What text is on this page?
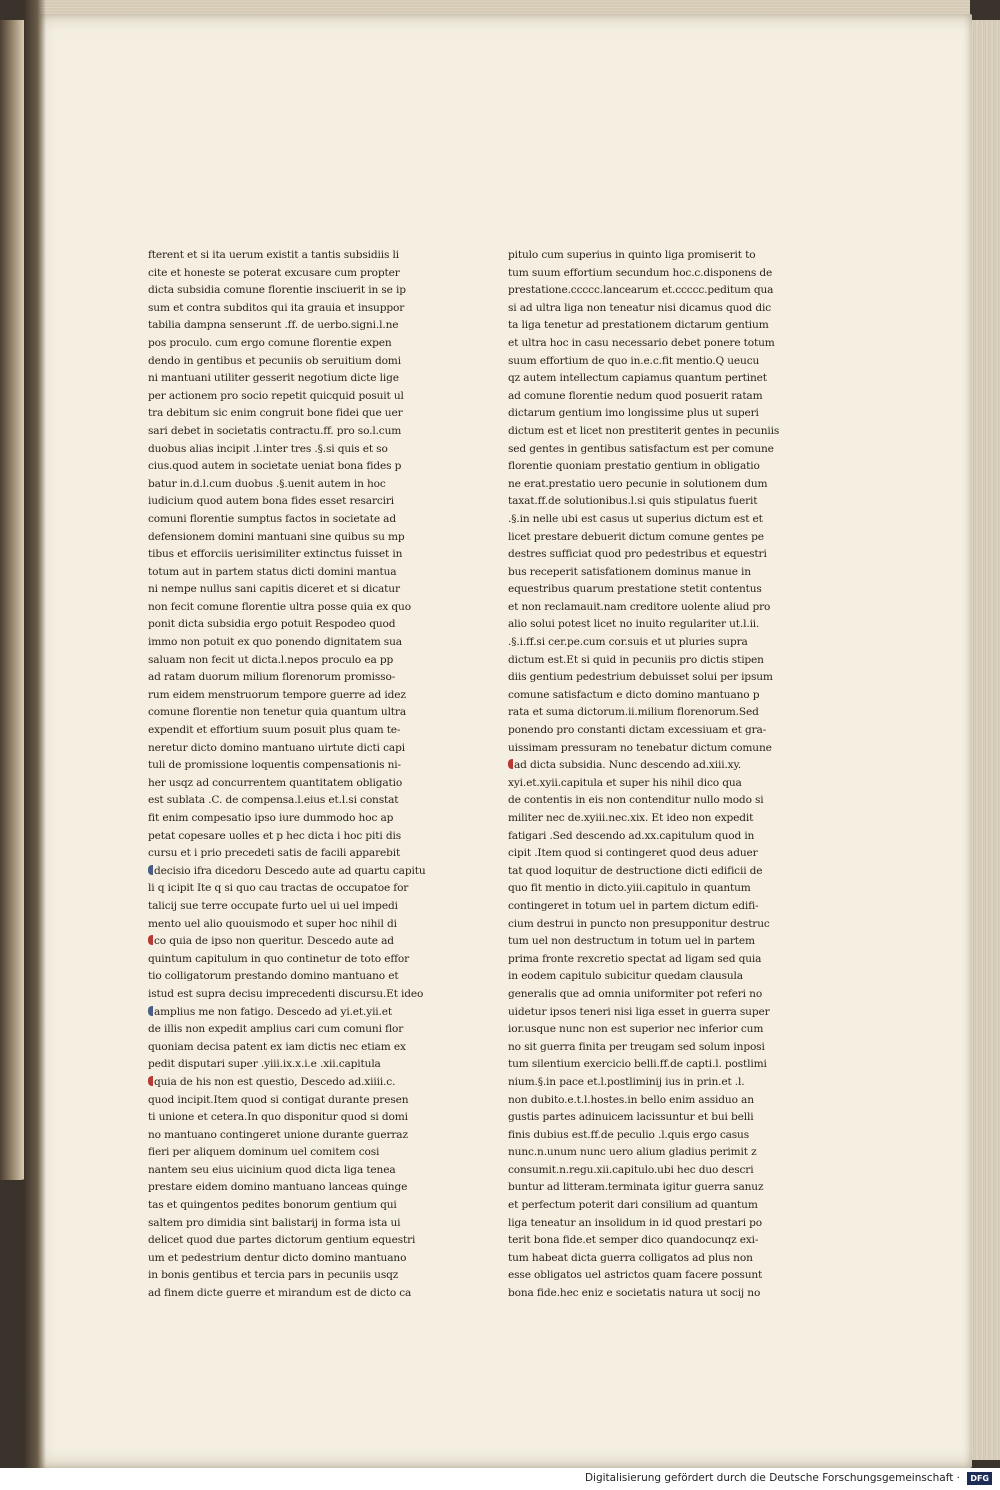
fterent et si ita uerum existit a tantis subsidiis li
cite et honeste se poterat excusare cum propter
dicta subsidia comune florentie insciuerit in se ip
sum et contra subditos qui ita grauia et insuppor
tabilia dampna senserunt .ff. de uerbo.signi.l.ne
pos proculo. cum ergo comune florentie expen
dendo in gentibus et pecuniis ob seruitium domi
ni mantuani utiliter gesserit negotium dicte lige
per actionem pro socio repetit quicquid posuit ul
tra debitum sic enim congruit bone fidei que uer
sari debet in societatis contractu.ff. pro so.l.cum
duobus alias incipit .l.inter tres .§.si quis et so
cius.quod autem in societate ueniat bona fides p
batur in.d.l.cum duobus .§.uenit autem in hoc
iudicium quod autem bona fides esset resarciri
comuni florentie sumptus factos in societate ad
defensionem domini mantuani sine quibus su mp
tibus et efforciis uerisimiliter extinctus fuisset in
totum aut in partem status dicti domini mantua
ni nempe nullus sani capitis diceret et si dicatur
non fecit comune florentie ultra posse quia ex quo
ponit dicta subsidia ergo potuit Respodeo quod
immo non potuit ex quo ponendo dignitatem sua
saluam non fecit ut dicta.l.nepos proculo ea pp
ad ratam duorum milium florenorum promisso-
rum eidem menstruorum tempore guerre ad idez
comune florentie non tenetur quia quantum ultra
expendit et effortium suum posuit plus quam te-
neretur dicto domino mantuano uirtute dicti capi
tuli de promissione loquentis compensationis ni-
her usqz ad concurrentem quantitatem obligatio
est sublata .C. de compensa.l.eius et.l.si constat
fit enim compesatio ipso iure dummodo hoc ap
petat copesare uolles et p hec dicta i hoc piti dis
cursu et i prio precedeti satis de facili apparebit
decisio ifra dicedoru Descedo aute ad quartu capitu
li q icipit Ite q si quo cau tractas de occupatoe for
talicij sue terre occupate furto uel ui uel impedi
mento uel alio quouismodo et super hoc nihil di
co quia de ipso non queritur. Descedo aute ad
quintum capitulum in quo continetur de toto effor
tio colligatorum prestando domino mantuano et
istud est supra decisu imprecedenti discursu.Et ideo
amplius me non fatigo. Descedo ad yi.et.yii.et
de illis non expedit amplius cari cum comuni flor
quoniam decisa patent ex iam dictis nec etiam ex
pedit disputari super .yiii.ix.x.i.e .xii.capitula
quia de his non est questio, Descedo ad.xiiii.c.
quod incipit.Item quod si contigat durante presen
ti unione et cetera.In quo disponitur quod si domi
no mantuano contingeret unione durante guerraz
fieri per aliquem dominum uel comitem cosi
nantem seu eius uicinium quod dicta liga tenea
prestare eidem domino mantuano lanceas quinge
tas et quingentos pedites bonorum gentium qui
saltem pro dimidia sint balistarij in forma ista ui
delicet quod due partes dictorum gentium equestri
um et pedestrium dentur dicto domino mantuano
in bonis gentibus et tercia pars in pecuniis usqz
ad finem dicte guerre et mirandum est de dicto ca
pitulo cum superius in quinto liga promiserit to
tum suum effortium secundum hoc.c.disponens de
prestatione.ccccc.lancearum et.ccccc.peditum qua
si ad ultra liga non teneatur nisi dicamus quod dic
ta liga tenetur ad prestationem dictarum gentium
et ultra hoc in casu necessario debet ponere totum
suum effortium de quo in.e.c.fit mentio.Q ueucu
qz autem intellectum capiamus quantum pertinet
ad comune florentie nedum quod posuerit ratam
dictarum gentium imo longissime plus ut superi
dictum est et licet non prestiterit gentes in pecuniis
sed gentes in gentibus satisfactum est per comune
florentie quoniam prestatio gentium in obligatio
ne erat.prestatio uero pecunie in solutionem dum
taxat.ff.de solutionibus.l.si quis stipulatus fuerit
.§.in nelle ubi est casus ut superius dictum est et
licet prestare debuerit dictum comune gentes pe
destres sufficiat quod pro pedestribus et equestri
bus receperit satisfationem dominus manue in
equestribus quarum prestatione stetit contentus
et non reclamauit.nam creditore uolente aliud pro
alio solui potest licet no inuito regulariter ut.l.ii.
.§.i.ff.si cer.pe.cum cor.suis et ut pluries supra
dictum est.Et si quid in pecuniis pro dictis stipen
diis gentium pedestrium debuisset solui per ipsum
comune satisfactum e dicto domino mantuano p
rata et suma dictorum.ii.milium florenorum.Sed
ponendo pro constanti dictam excessiuam et gra-
uissimam pressuram no tenebatur dictum comune
ad dicta subsidia. Nunc descendo ad.xiii.xy.
xyi.et.xyii.capitula et super his nihil dico qua
de contentis in eis non contenditur nullo modo si
militer nec de.xyiii.nec.xix. Et ideo non expedit
fatigari .Sed descendo ad.xx.capitulum quod in
cipit .Item quod si contingeret quod deus aduer
tat quod loquitur de destructione dicti edificii de
quo fit mentio in dicto.yiii.capitulo in quantum
contingeret in totum uel in partem dictum edifi-
cium destrui in puncto non presupponitur destruc
tum uel non destructum in totum uel in partem
prima fronte rexcretio spectat ad ligam sed quia
in eodem capitulo subicitur quedam clausula
generalis que ad omnia uniformiter pot referi no
uidetur ipsos teneri nisi liga esset in guerra super
ior.usque nunc non est superior nec inferior cum
no sit guerra finita per treugam sed solum inposi
tum silentium exercicio belli.ff.de capti.l. postlimi
nium.§.in pace et.l.postliminij ius in prin.et .l.
non dubito.e.t.l.hostes.in bello enim assiduo an
gustis partes adinuicem lacissuntur et bui belli
finis dubius est.ff.de peculio .l.quis ergo casus
nunc.n.unum nunc uero alium gladius perimit z
consumit.n.regu.xii.capitulo.ubi hec duo descri
buntur ad litteram.terminata igitur guerra sanuz
et perfectum poterit dari consilium ad quantum
liga teneatur an insolidum in id quod prestari po
terit bona fide.et semper dico quandocunqz exi-
tum habeat dicta guerra colligatos ad plus non
esse obligatos uel astrictos quam facere possunt
bona fide.hec eniz e societatis natura ut socij no
Digitalisierung gefördert durch die Deutsche Forschungsgemeinschaft ·	DFG
